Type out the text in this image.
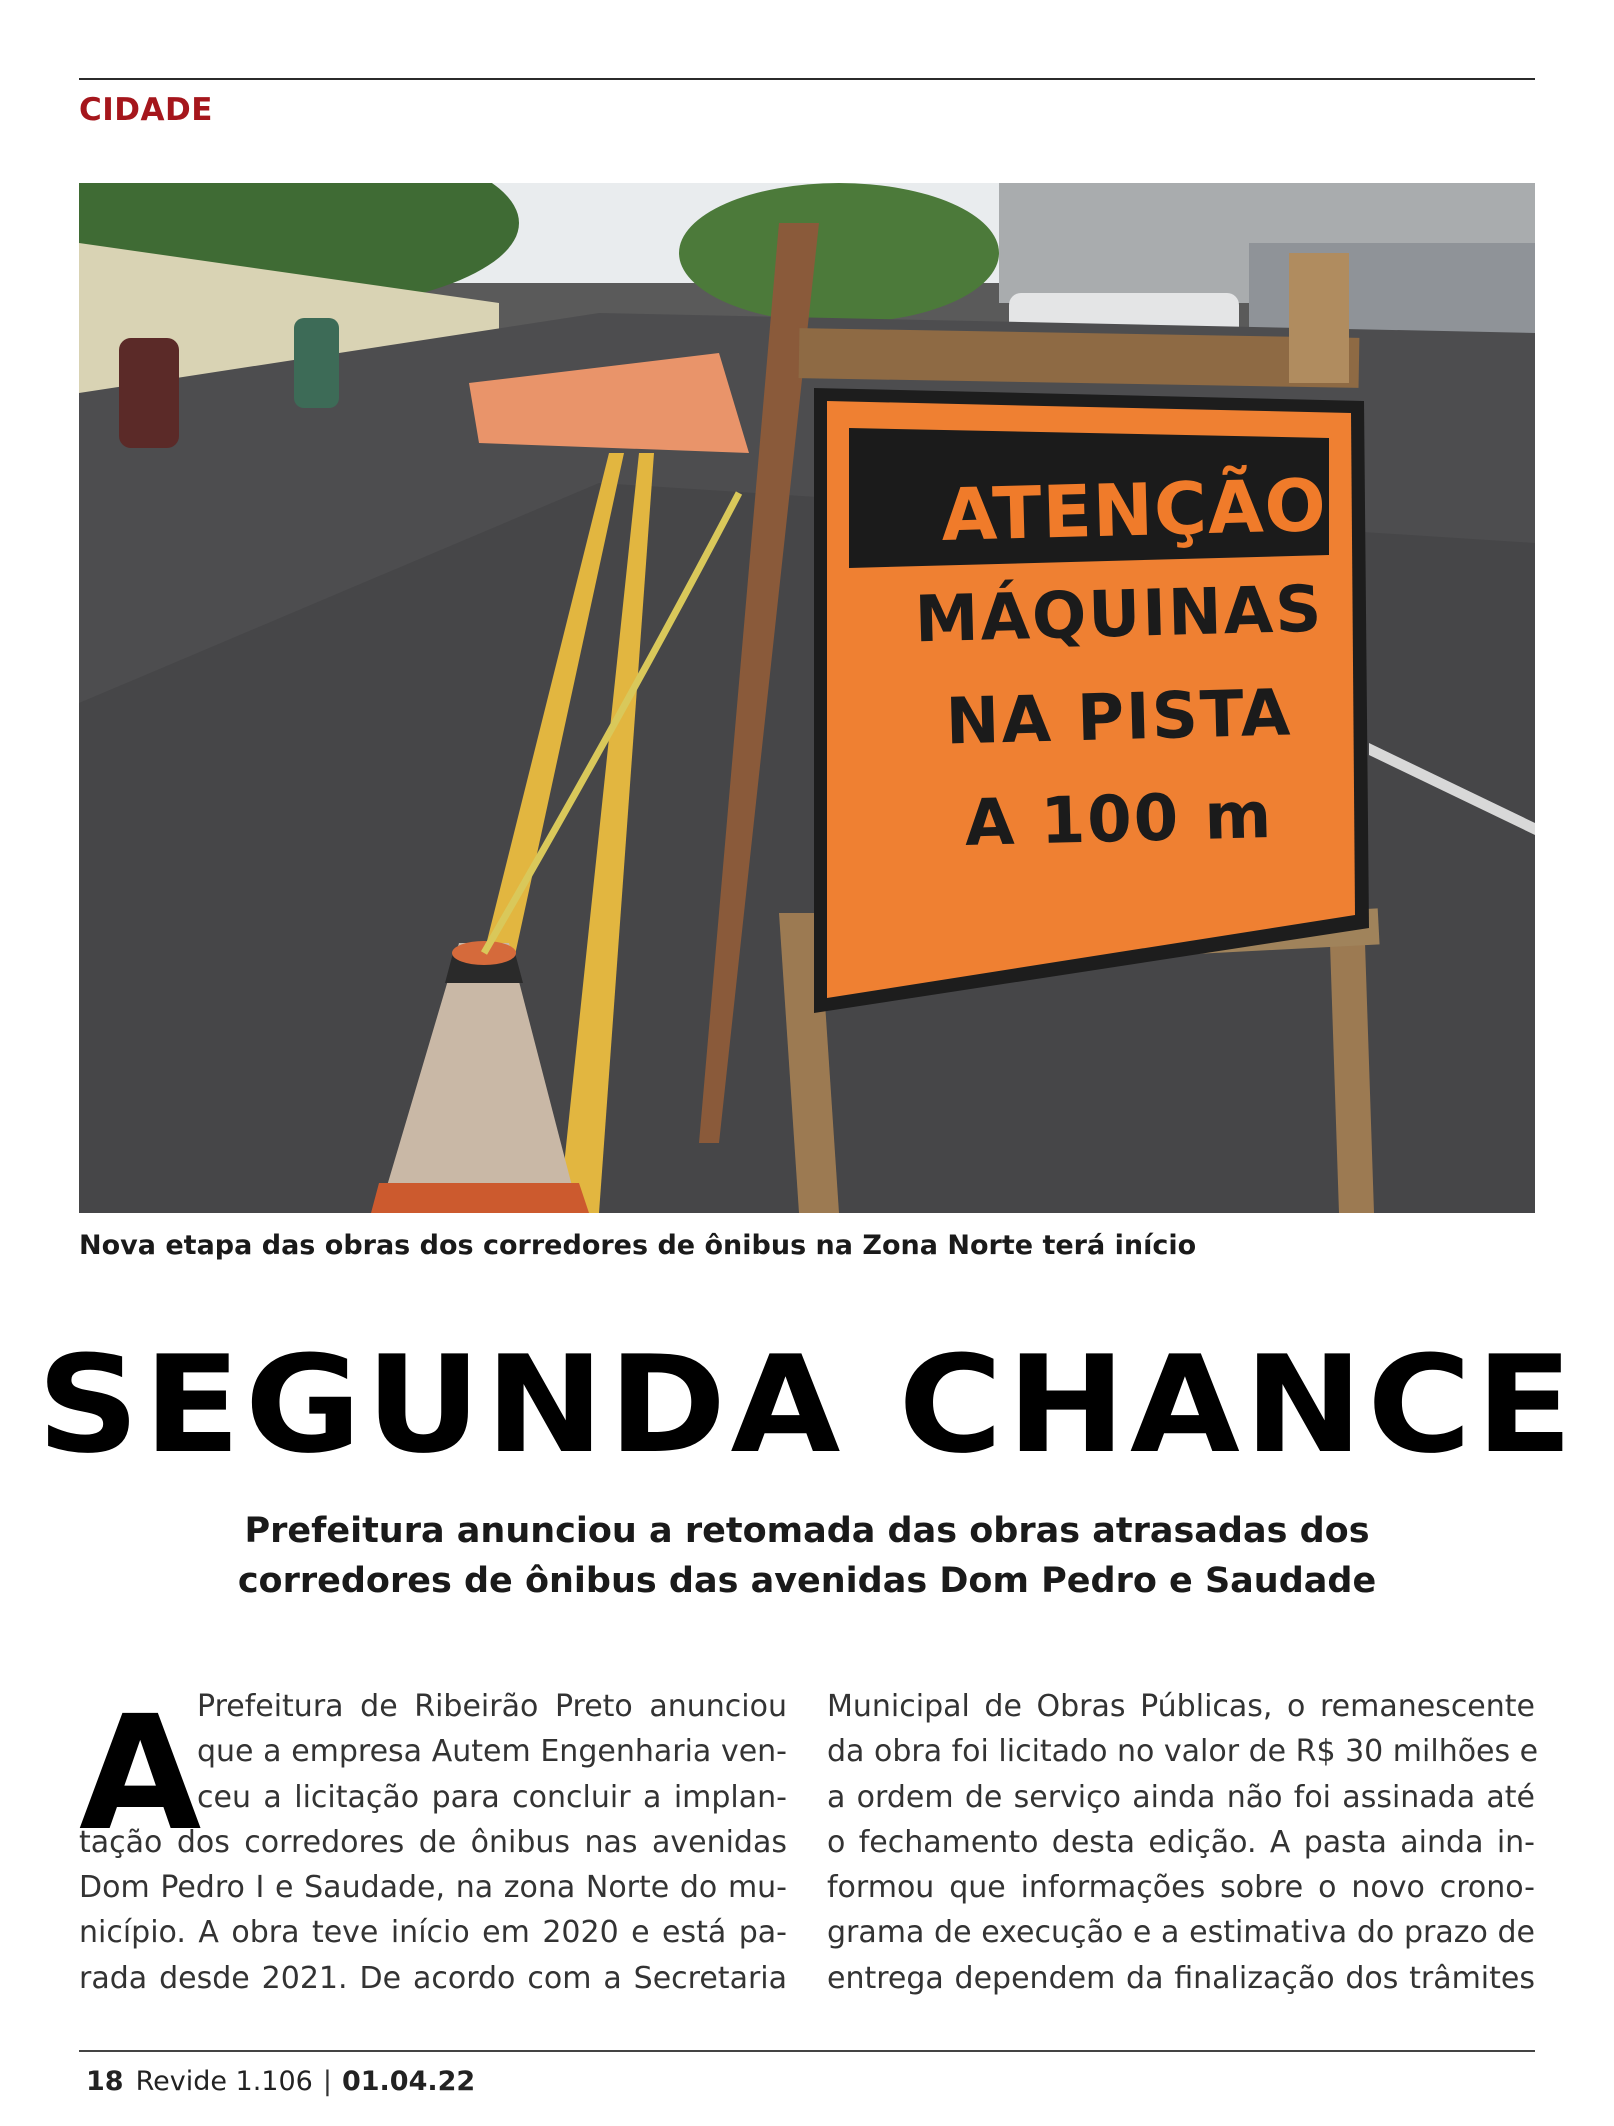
CIDADE
ATENÇÃO
MÁQUINAS
NA PISTA
A 100 m
Nova etapa das obras dos corredores de ônibus na Zona Norte terá início
SEGUNDA CHANCE
Prefeitura anunciou a retomada das obras atrasadas dos
corredores de ônibus das avenidas Dom Pedro e Saudade
A
Prefeitura de Ribeirão Preto anunciou
que a empresa Autem Engenharia ven-
ceu a licitação para concluir a implan-
tação dos corredores de ônibus nas avenidas
Dom Pedro I e Saudade, na zona Norte do mu-
nicípio. A obra teve início em 2020 e está pa-
rada desde 2021. De acordo com a Secretaria
Municipal de Obras Públicas, o remanescente
da obra foi licitado no valor de R$ 30 milhões e
a ordem de serviço ainda não foi assinada até
o fechamento desta edição. A pasta ainda in-
formou que informações sobre o novo crono-
grama de execução e a estimativa do prazo de
entrega dependem da finalização dos trâmites
18 Revide 1.106 | 01.04.22
